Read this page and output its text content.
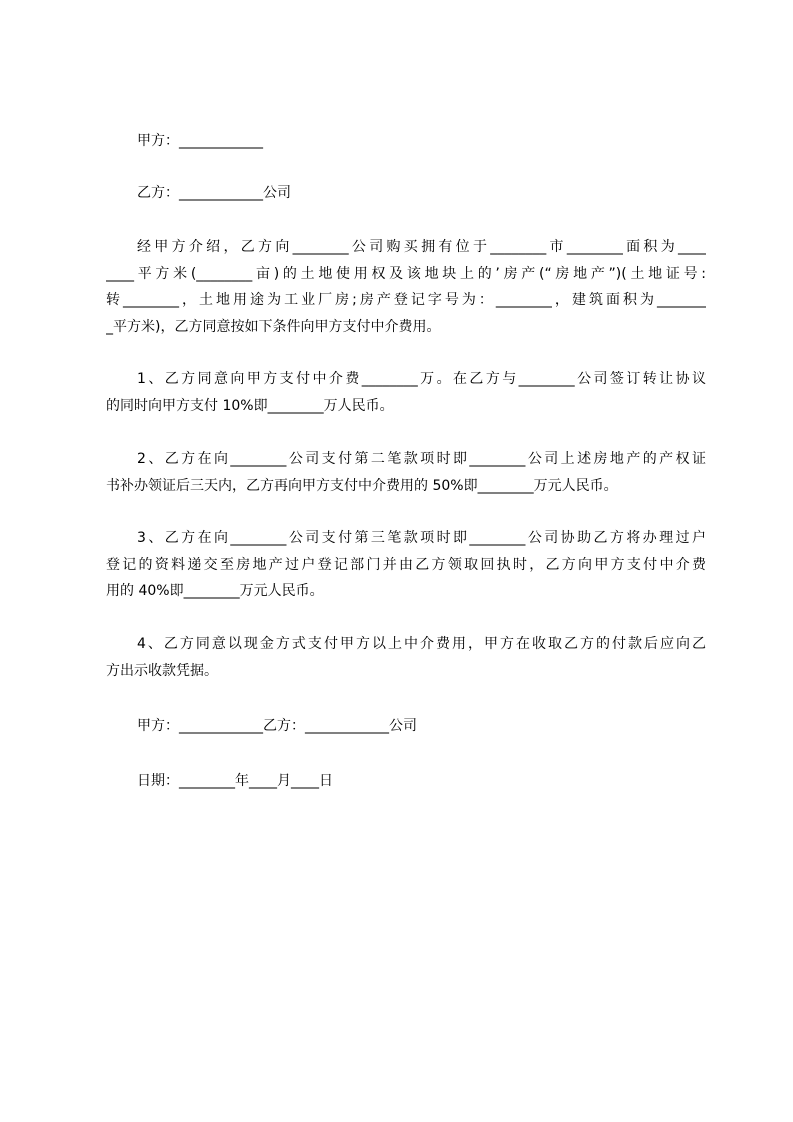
甲方：____________

乙方：____________公司

经甲方介绍，乙方向________公司购买拥有位于________市________面积为____
____平方米(________亩)的土地使用权及该地块上的’房产(“房地产”)(土地证号:
转________，土地用途为工业厂房;房产登记字号为：________，建筑面积为_______
_平方米)，乙方同意按如下条件向甲方支付中介费用。
1、乙方同意向甲方支付中介费________万。在乙方与________公司签订转让协议
的同时向甲方支付 10%即________万人民币。
2、乙方在向________公司支付第二笔款项时即________公司上述房地产的产权证
书补办领证后三天内，乙方再向甲方支付中介费用的 50%即________万元人民币。
3、乙方在向________公司支付第三笔款项时即________公司协助乙方将办理过户
登记的资料递交至房地产过户登记部门并由乙方领取回执时，乙方向甲方支付中介费
用的 40%即________万元人民币。
4、乙方同意以现金方式支付甲方以上中介费用，甲方在收取乙方的付款后应向乙
方出示收款凭据。

甲方：____________乙方：____________公司

日期：________年____月____日
